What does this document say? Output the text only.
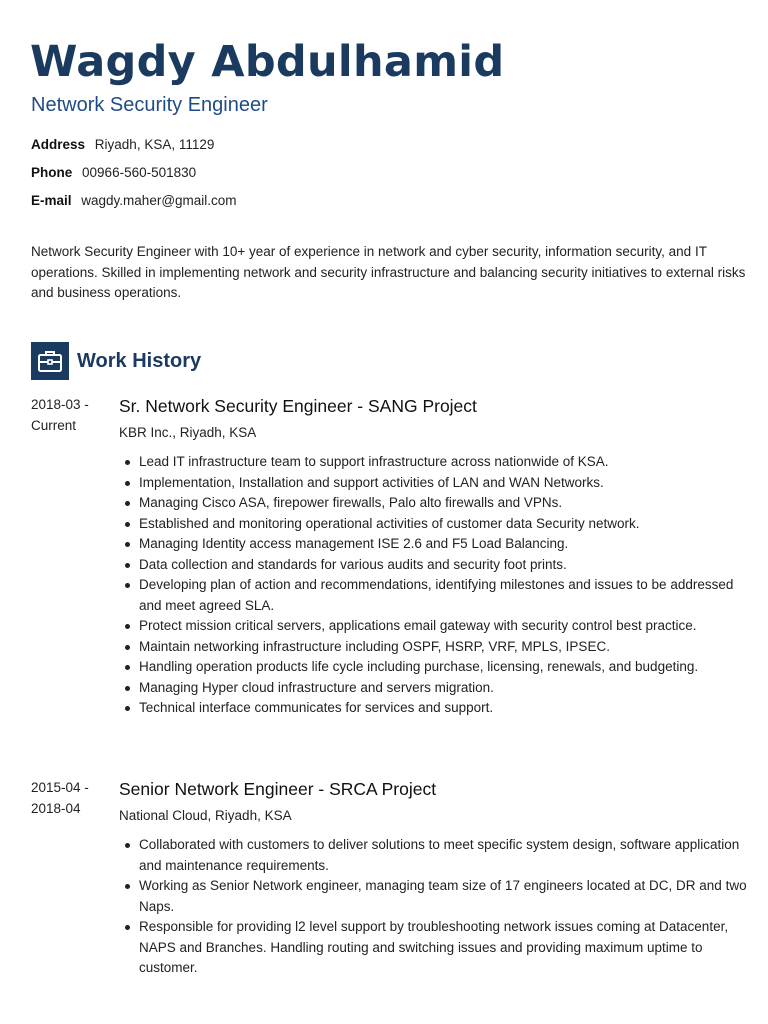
Wagdy Abdulhamid
Network Security Engineer
Address Riyadh, KSA, 11129
Phone 00966-560-501830
E-mail wagdy.maher@gmail.com

Network Security Engineer with 10+ year of experience in network and cyber security, information security, and IT operations. Skilled in implementing network and security infrastructure and balancing security initiatives to external risks and business operations.

Work History
2018-03 -
Current
Sr. Network Security Engineer - SANG Project
KBR Inc., Riyadh, KSA
Lead IT infrastructure team to support infrastructure across nationwide of KSA.
Implementation, Installation and support activities of LAN and WAN Networks.
Managing Cisco ASA, firepower firewalls, Palo alto firewalls and VPNs.
Established and monitoring operational activities of customer data Security network.
Managing Identity access management ISE 2.6 and F5 Load Balancing.
Data collection and standards for various audits and security foot prints.
Developing plan of action and recommendations, identifying milestones and issues to be addressed and meet agreed SLA.
Protect mission critical servers, applications email gateway with security control best practice.
Maintain networking infrastructure including OSPF, HSRP, VRF, MPLS, IPSEC.
Handling operation products life cycle including purchase, licensing, renewals, and budgeting.
Managing Hyper cloud infrastructure and servers migration.
Technical interface communicates for services and support.
2015-04 -
2018-04
Senior Network Engineer - SRCA Project
National Cloud, Riyadh, KSA
Collaborated with customers to deliver solutions to meet specific system design, software application and maintenance requirements.
Working as Senior Network engineer, managing team size of 17 engineers located at DC, DR and two Naps.
Responsible for providing l2 level support by troubleshooting network issues coming at Datacenter, NAPS and Branches. Handling routing and switching issues and providing maximum uptime to customer.
